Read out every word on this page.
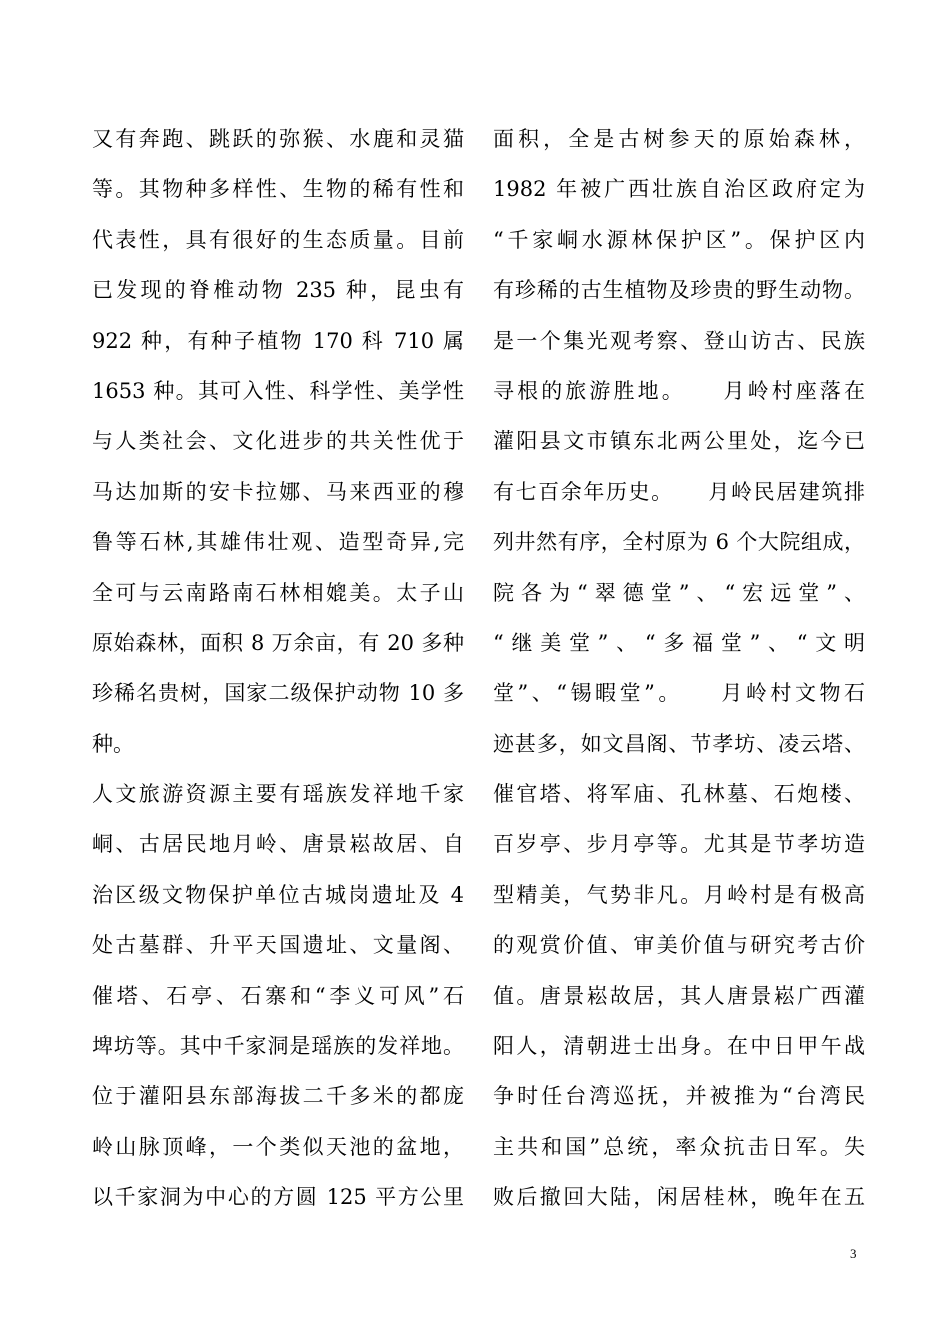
又有奔跑、跳跃的弥猴、水鹿和灵猫
等。其物种多样性、生物的稀有性和
代表性，具有很好的生态质量。目前
已发现的脊椎动物 235 种，昆虫有
922 种，有种子植物 170 科 710 属
1653 种。其可入性、科学性、美学性
与人类社会、文化进步的共关性优于
马达加斯的安卡拉娜、马来西亚的穆
鲁等石林,其雄伟壮观、造型奇异,完
全可与云南路南石林相媲美。太子山
原始森林，面积 8 万余亩，有 20 多种
珍稀名贵树，国家二级保护动物 10 多
种。
人文旅游资源主要有瑶族发祥地千家
峒、古居民地月岭、唐景崧故居、自
治区级文物保护单位古城岗遗址及 4
处古墓群、升平天国遗址、文量阁、
催塔、石亭、石寨和“李义可风”石
埤坊等。其中千家洞是瑶族的发祥地。
位于灌阳县东部海拔二千多米的都庞
岭山脉顶峰，一个类似天池的盆地，
以千家洞为中心的方圆 125 平方公里
面积，全是古树参天的原始森林，
1982 年被广西壮族自治区政府定为
“千家峒水源林保护区”。保护区内
有珍稀的古生植物及珍贵的野生动物。
是一个集光观考察、登山访古、民族
寻根的旅游胜地。　　月岭村座落在
灌阳县文市镇东北两公里处，迄今已
有七百余年历史。　　月岭民居建筑排
列井然有序，全村原为 6 个大院组成，
院各为“翠德堂”、“宏远堂”、
“继美堂”、“多福堂”、“文明
堂”、“锡暇堂”。　　月岭村文物石
迹甚多，如文昌阁、节孝坊、凌云塔、
催官塔、将军庙、孔林墓、石炮楼、
百岁亭、步月亭等。尤其是节孝坊造
型精美，气势非凡。月岭村是有极高
的观赏价值、审美价值与研究考古价
值。唐景崧故居，其人唐景崧广西灌
阳人，清朝进士出身。在中日甲午战
争时任台湾巡抚，并被推为“台湾民
主共和国”总统，率众抗击日军。失
败后撤回大陆，闲居桂林，晚年在五
3
